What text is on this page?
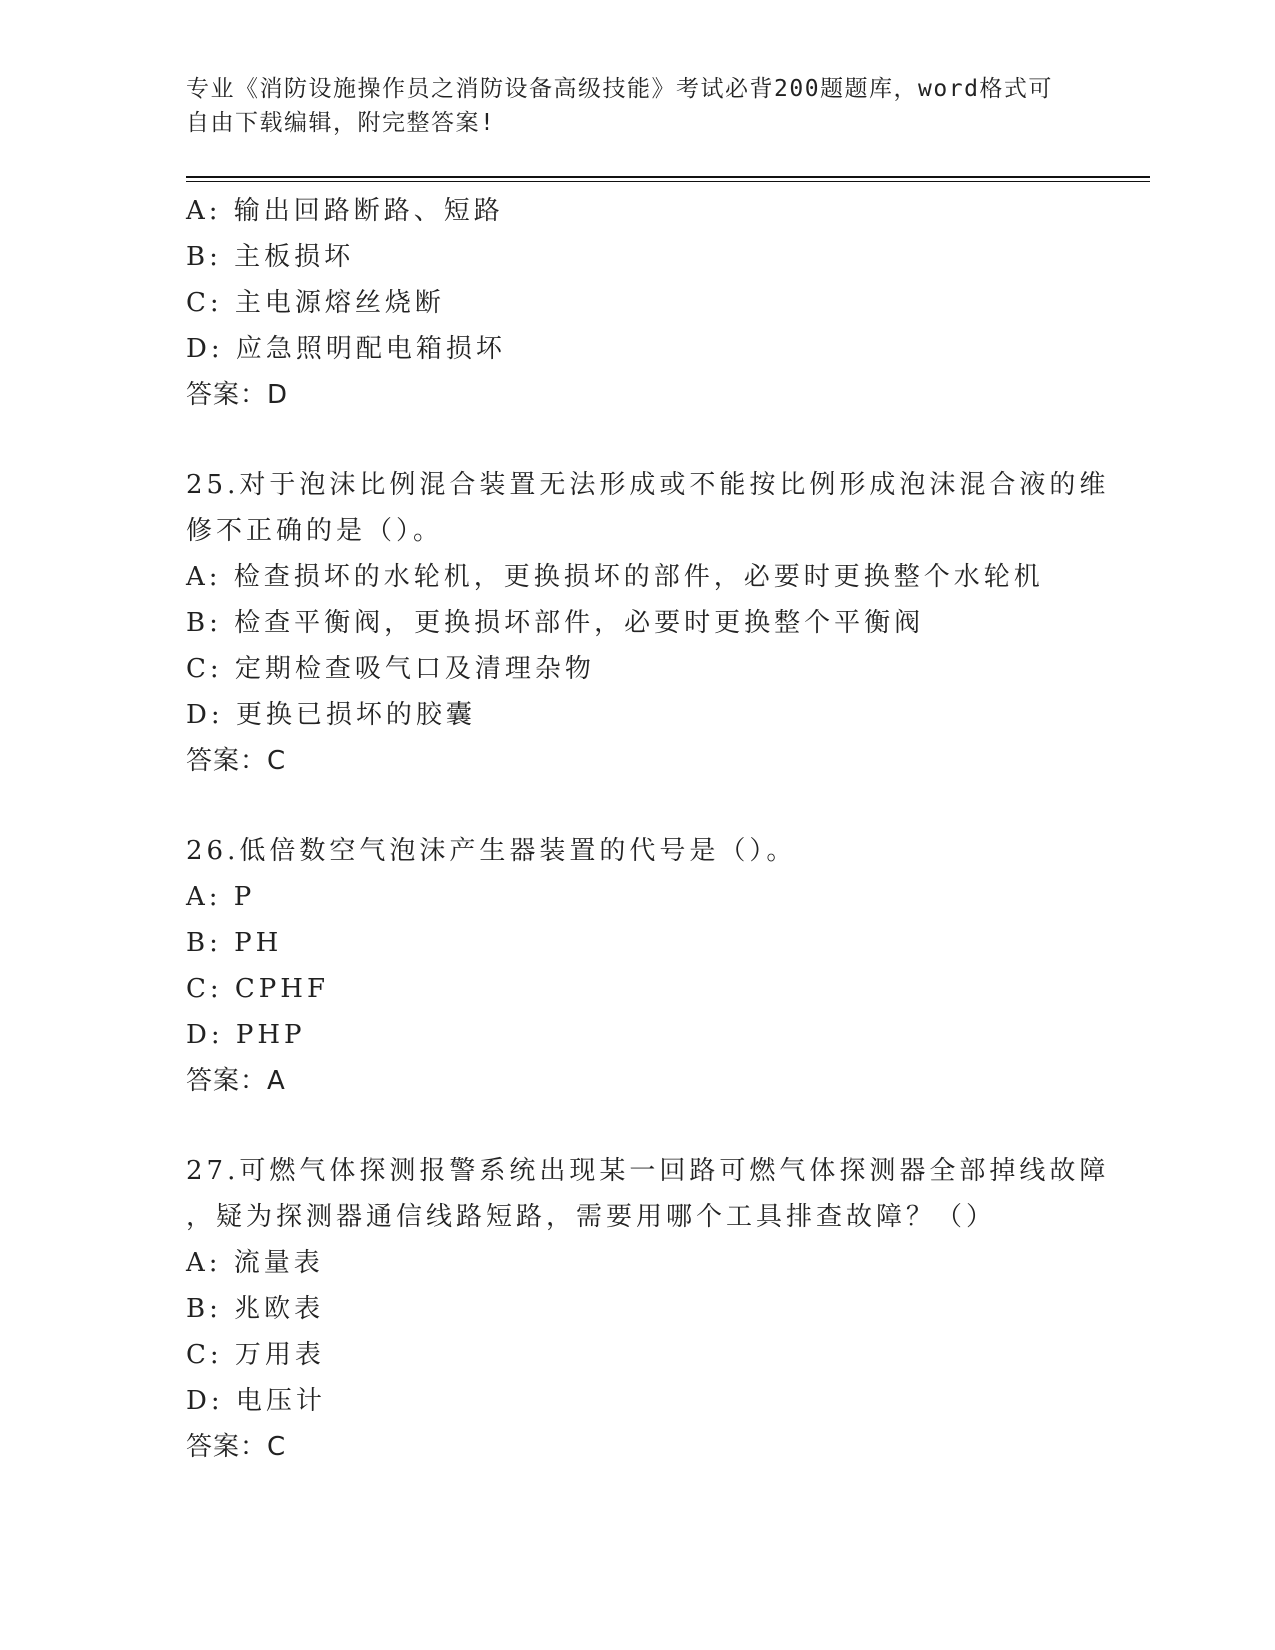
专业《消防设施操作员之消防设备高级技能》考试必背200题题库，word格式可
自由下载编辑，附完整答案!
A: 输出回路断路、短路
B: 主板损坏
C: 主电源熔丝烧断
D: 应急照明配电箱损坏
答案：D
25.对于泡沫比例混合装置无法形成或不能按比例形成泡沫混合液的维
修不正确的是（）。
A: 检查损坏的水轮机，更换损坏的部件，必要时更换整个水轮机
B: 检查平衡阀，更换损坏部件，必要时更换整个平衡阀
C: 定期检查吸气口及清理杂物
D: 更换已损坏的胶囊
答案：C
26.低倍数空气泡沫产生器装置的代号是（）。
A: P
B: PH
C: CPHF
D: PHP
答案：A
27.可燃气体探测报警系统出现某一回路可燃气体探测器全部掉线故障
，疑为探测器通信线路短路，需要用哪个工具排查故障？（）
A: 流量表
B: 兆欧表
C: 万用表
D: 电压计
答案：C
